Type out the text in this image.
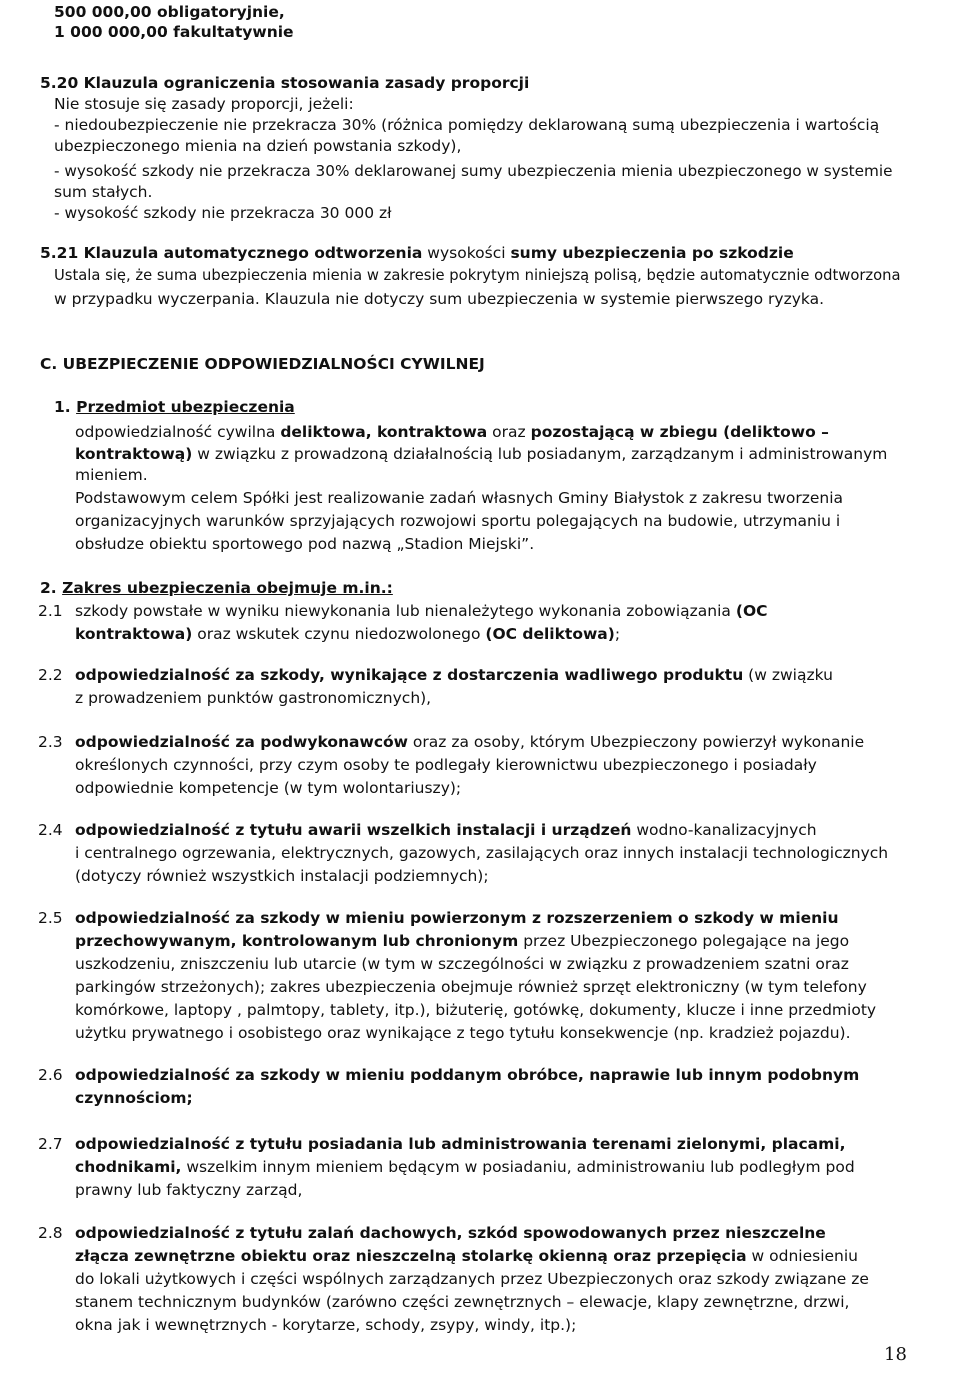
500 000,00 obligatoryjnie,
1 000 000,00 fakultatywnie
5.20 Klauzula ograniczenia stosowania zasady proporcji
Nie stosuje się zasady proporcji, jeżeli:
- niedoubezpieczenie nie przekracza 30% (różnica pomiędzy deklarowaną sumą ubezpieczenia i wartością
ubezpieczonego mienia na dzień powstania szkody),
- wysokość szkody nie przekracza 30% deklarowanej sumy ubezpieczenia mienia ubezpieczonego w systemie
sum stałych.
- wysokość szkody nie przekracza 30 000 zł
5.21 Klauzula automatycznego odtworzenia wysokości sumy ubezpieczenia po szkodzie
Ustala się, że suma ubezpieczenia mienia w zakresie pokrytym niniejszą polisą, będzie automatycznie odtworzona
w przypadku wyczerpania. Klauzula nie dotyczy sum ubezpieczenia w systemie pierwszego ryzyka.
C. UBEZPIECZENIE ODPOWIEDZIALNOŚCI CYWILNEJ
1. Przedmiot ubezpieczenia
odpowiedzialność cywilna deliktowa, kontraktowa oraz pozostającą w zbiegu (deliktowo –
kontraktową) w związku z prowadzoną działalnością lub posiadanym, zarządzanym i administrowanym
mieniem.
Podstawowym celem Spółki jest realizowanie zadań własnych Gminy Białystok z zakresu tworzenia
organizacyjnych warunków sprzyjających rozwojowi sportu polegających na budowie, utrzymaniu i
obsłudze obiektu sportowego pod nazwą „Stadion Miejski”.
2. Zakres ubezpieczenia obejmuje m.in.:
2.1 szkody powstałe w wyniku niewykonania lub nienależytego wykonania zobowiązania (OC
kontraktowa) oraz wskutek czynu niedozwolonego (OC deliktowa);
2.2 odpowiedzialność za szkody, wynikające z dostarczenia wadliwego produktu (w związku
z prowadzeniem punktów gastronomicznych),
2.3 odpowiedzialność za podwykonawców oraz za osoby, którym Ubezpieczony powierzył wykonanie
określonych czynności, przy czym osoby te podlegały kierownictwu ubezpieczonego i posiadały
odpowiednie kompetencje (w tym wolontariuszy);
2.4 odpowiedzialność z tytułu awarii wszelkich instalacji i urządzeń wodno-kanalizacyjnych
i centralnego ogrzewania, elektrycznych, gazowych, zasilających oraz innych instalacji technologicznych
(dotyczy również wszystkich instalacji podziemnych);
2.5 odpowiedzialność za szkody w mieniu powierzonym z rozszerzeniem o szkody w mieniu
przechowywanym, kontrolowanym lub chronionym przez Ubezpieczonego polegające na jego
uszkodzeniu, zniszczeniu lub utarcie (w tym w szczególności w związku z prowadzeniem szatni oraz
parkingów strzeżonych); zakres ubezpieczenia obejmuje również sprzęt elektroniczny (w tym telefony
komórkowe, laptopy , palmtopy, tablety, itp.), biżuterię, gotówkę, dokumenty, klucze i inne przedmioty
użytku prywatnego i osobistego oraz wynikające z tego tytułu konsekwencje (np. kradzież pojazdu).
2.6 odpowiedzialność za szkody w mieniu poddanym obróbce, naprawie lub innym podobnym
czynnościom;
2.7 odpowiedzialność z tytułu posiadania lub administrowania terenami zielonymi, placami,
chodnikami, wszelkim innym mieniem będącym w posiadaniu, administrowaniu lub podległym pod
prawny lub faktyczny zarząd,
2.8 odpowiedzialność z tytułu zalań dachowych, szkód spowodowanych przez nieszczelne
złącza zewnętrzne obiektu oraz nieszczelną stolarkę okienną oraz przepięcia w odniesieniu
do lokali użytkowych i części wspólnych zarządzanych przez Ubezpieczonych oraz szkody związane ze
stanem technicznym budynków (zarówno części zewnętrznych – elewacje, klapy zewnętrzne, drzwi,
okna jak i wewnętrznych - korytarze, schody, zsypy, windy, itp.);
18
